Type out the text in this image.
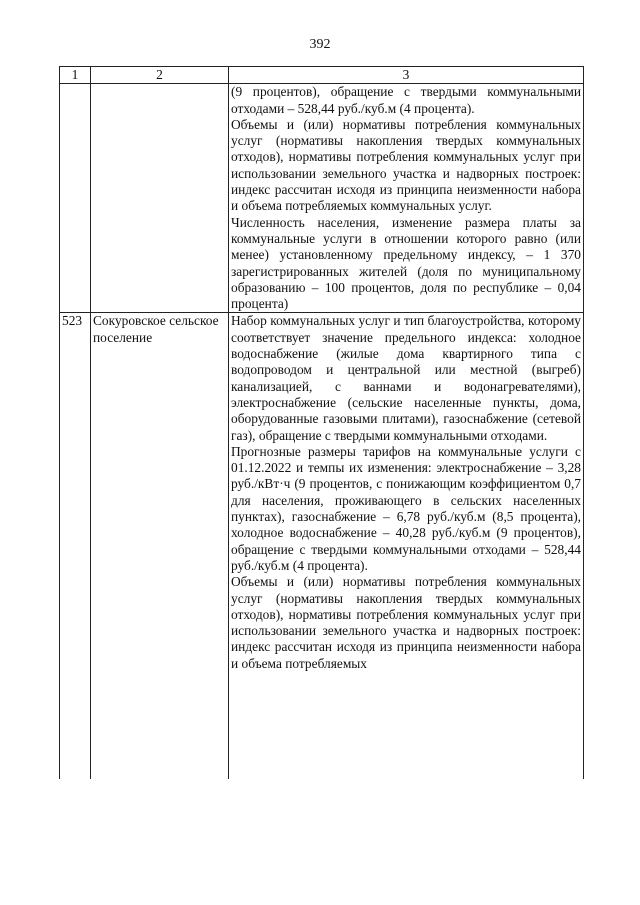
392
1	2	3

		(9 процентов), обращение с твердыми коммунальными отходами – 528,44 руб./куб.м (4 процента).

Объемы и (или) нормативы потребления коммунальных услуг (нормативы накопления твердых коммунальных отходов), нормативы потребления коммунальных услуг при использовании земельного участка и надворных построек: индекс рассчитан исходя из принципа неизменности набора и объема потребляемых коммунальных услуг.

Численность населения, изменение размера платы за коммунальные услуги в отношении которого равно (или менее) установленному предельному индексу, – 1 370 зарегистрированных жителей (доля по муниципальному образованию – 100 процентов, доля по республике – 0,04 процента)

523	Сокуровское сельское поселение	Набор коммунальных услуг и тип благоустройства, которому соответствует значение предельного индекса: холодное водоснабжение (жилые дома квартирного типа с водопроводом и центральной или местной (выгреб) канализацией, с ваннами и водонагревателями), электроснабжение (сельские населенные пункты, дома, оборудованные газовыми плитами), газоснабжение (сетевой газ), обращение с твердыми коммунальными отходами.

Прогнозные размеры тарифов на коммунальные услуги с 01.12.2022 и темпы их изменения: электроснабжение – 3,28 руб./кВт·ч (9 процентов, с понижающим коэффициентом 0,7 для населения, проживающего в сельских населенных пунктах), газоснабжение – 6,78 руб./куб.м (8,5 процента), холодное водоснабжение – 40,28 руб./куб.м (9 процентов), обращение с твердыми коммунальными отходами – 528,44 руб./куб.м (4 процента).

Объемы и (или) нормативы потребления коммунальных услуг (нормативы накопления твердых коммунальных отходов), нормативы потребления коммунальных услуг при использовании земельного участка и надворных построек: индекс рассчитан исходя из принципа неизменности набора и объема потребляемых
